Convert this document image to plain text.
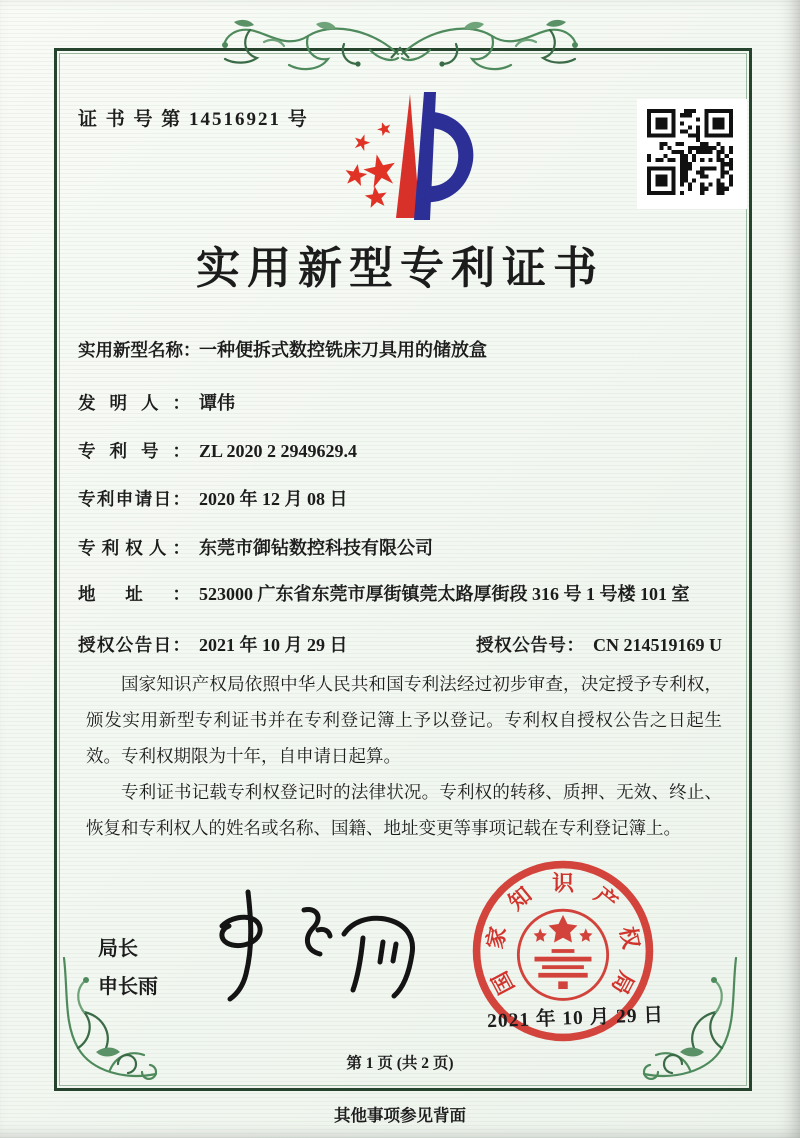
证 书 号 第 14516921 号
实用新型专利证书
实用新型名称：一种便拆式数控铣床刀具用的储放盒
发明人： 谭伟
专利号： ZL 2020 2 2949629.4
专利申请日： 2020 年 12 月 08 日
专利权人： 东莞市御钻数控科技有限公司
地址： 523000 广东省东莞市厚街镇莞太路厚街段 316 号 1 号楼 101 室
授权公告日： 2021 年 10 月 29 日	授权公告号： CN 214519169 U

国家知识产权局依照中华人民共和国专利法经过初步审查，决定授予专利权，颁发实用新型专利证书并在专利登记簿上予以登记。专利权自授权公告之日起生效。专利权期限为十年，自申请日起算。

专利证书记载专利权登记时的法律状况。专利权的转移、质押、无效、终止、恢复和专利权人的姓名或名称、国籍、地址变更等事项记载在专利登记簿上。

局长
申长雨	国
家
知 识 产
权
局
2021 年 10 月 29 日
第 1 页 (共 2 页)
其他事项参见背面
